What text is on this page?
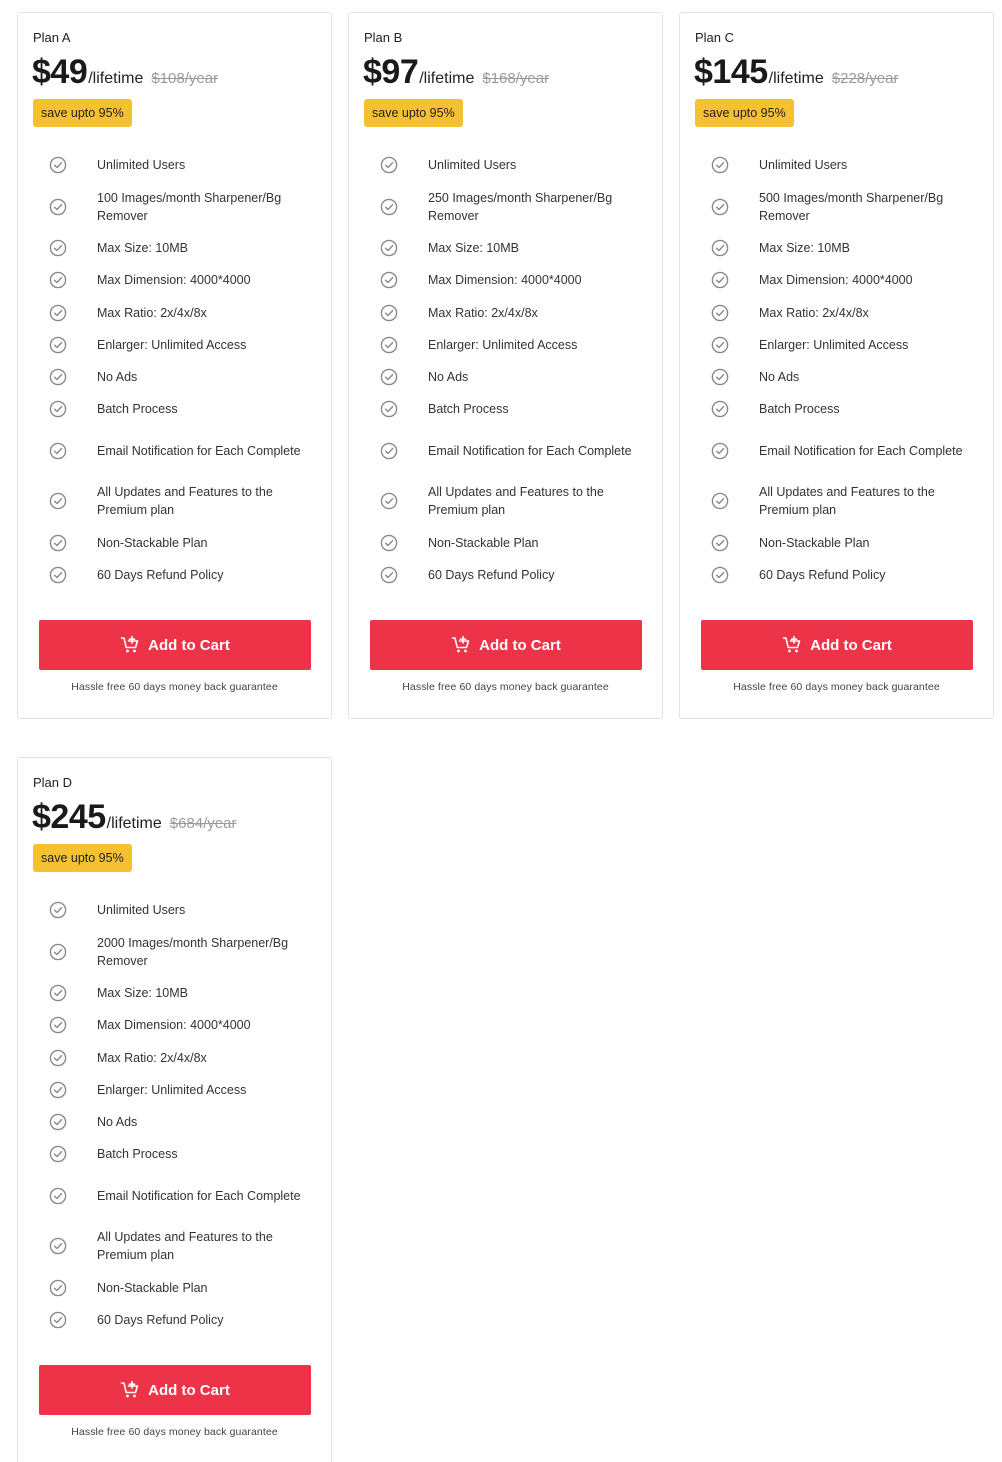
Plan A
$49 /lifetime $108/year
save upto 95%
Unlimited Users
100 Images/month Sharpener/Bg Remover
Max Size: 10MB
Max Dimension: 4000*4000
Max Ratio: 2x/4x/8x
Enlarger: Unlimited Access
No Ads
Batch Process
Email Notification for Each Complete
All Updates and Features to the Premium plan
Non-Stackable Plan
60 Days Refund Policy
Add to Cart
Hassle free 60 days money back guarantee
Plan B
$97 /lifetime $168/year
save upto 95%
Unlimited Users
250 Images/month Sharpener/Bg Remover
Max Size: 10MB
Max Dimension: 4000*4000
Max Ratio: 2x/4x/8x
Enlarger: Unlimited Access
No Ads
Batch Process
Email Notification for Each Complete
All Updates and Features to the Premium plan
Non-Stackable Plan
60 Days Refund Policy
Add to Cart
Hassle free 60 days money back guarantee
Plan C
$145 /lifetime $228/year
save upto 95%
Unlimited Users
500 Images/month Sharpener/Bg Remover
Max Size: 10MB
Max Dimension: 4000*4000
Max Ratio: 2x/4x/8x
Enlarger: Unlimited Access
No Ads
Batch Process
Email Notification for Each Complete
All Updates and Features to the Premium plan
Non-Stackable Plan
60 Days Refund Policy
Add to Cart
Hassle free 60 days money back guarantee
Plan D
$245 /lifetime $684/year
save upto 95%
Unlimited Users
2000 Images/month Sharpener/Bg Remover
Max Size: 10MB
Max Dimension: 4000*4000
Max Ratio: 2x/4x/8x
Enlarger: Unlimited Access
No Ads
Batch Process
Email Notification for Each Complete
All Updates and Features to the Premium plan
Non-Stackable Plan
60 Days Refund Policy
Add to Cart
Hassle free 60 days money back guarantee
